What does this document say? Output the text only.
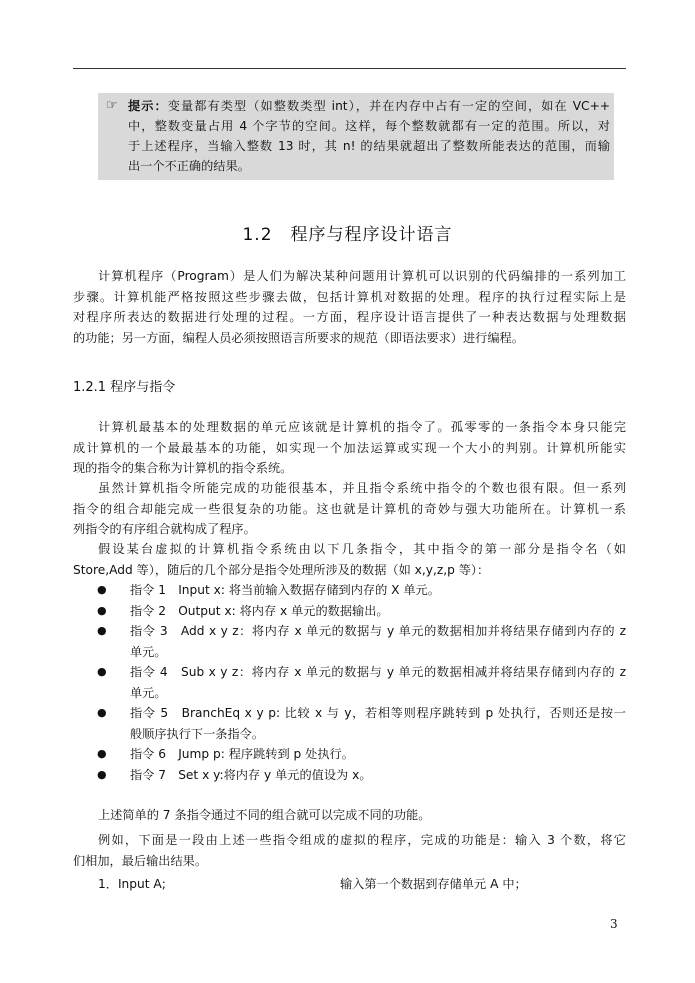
☞ 提示：变量都有类型（如整数类型 int），并在内存中占有一定的空间，如在 VC++
中，整数变量占用 4 个字节的空间。这样，每个整数就都有一定的范围。所以，对
于上述程序，当输入整数 13 时，其 n! 的结果就超出了整数所能表达的范围，而输
出一个不正确的结果。
1.2　程序与程序设计语言
计算机程序（Program）是人们为解决某种问题用计算机可以识别的代码编排的一系列加工
步骤。计算机能严格按照这些步骤去做，包括计算机对数据的处理。程序的执行过程实际上是
对程序所表达的数据进行处理的过程。一方面，程序设计语言提供了一种表达数据与处理数据
的功能；另一方面，编程人员必须按照语言所要求的规范（即语法要求）进行编程。
1.2.1 程序与指令
计算机最基本的处理数据的单元应该就是计算机的指令了。孤零零的一条指令本身只能完
成计算机的一个最最基本的功能，如实现一个加法运算或实现一个大小的判别。计算机所能实
现的指令的集合称为计算机的指令系统。
虽然计算机指令所能完成的功能很基本，并且指令系统中指令的个数也很有限。但一系列
指令的组合却能完成一些很复杂的功能。这也就是计算机的奇妙与强大功能所在。计算机一系
列指令的有序组合就构成了程序。
假设某台虚拟的计算机指令系统由以下几条指令，其中指令的第一部分是指令名（如
Store,Add 等），随后的几个部分是指令处理所涉及的数据（如 x,y,z,p 等）：
● 指令 1　Input x: 将当前输入数据存储到内存的 X 单元。
● 指令 2　Output x: 将内存 x 单元的数据输出。
● 指令 3　Add x y z：将内存 x 单元的数据与 y 单元的数据相加并将结果存储到内存的 z
单元。
● 指令 4　Sub x y z：将内存 x 单元的数据与 y 单元的数据相减并将结果存储到内存的 z
单元。
● 指令 5　BranchEq x y p: 比较 x 与 y，若相等则程序跳转到 p 处执行，否则还是按一
般顺序执行下一条指令。
● 指令 6　Jump p: 程序跳转到 p 处执行。
● 指令 7　Set x y:将内存 y 单元的值设为 x。
上述简单的 7 条指令通过不同的组合就可以完成不同的功能。
例如，下面是一段由上述一些指令组成的虚拟的程序，完成的功能是：输入 3 个数，将它
们相加，最后输出结果。
1．Input A;	输入第一个数据到存储单元 A 中；
3
